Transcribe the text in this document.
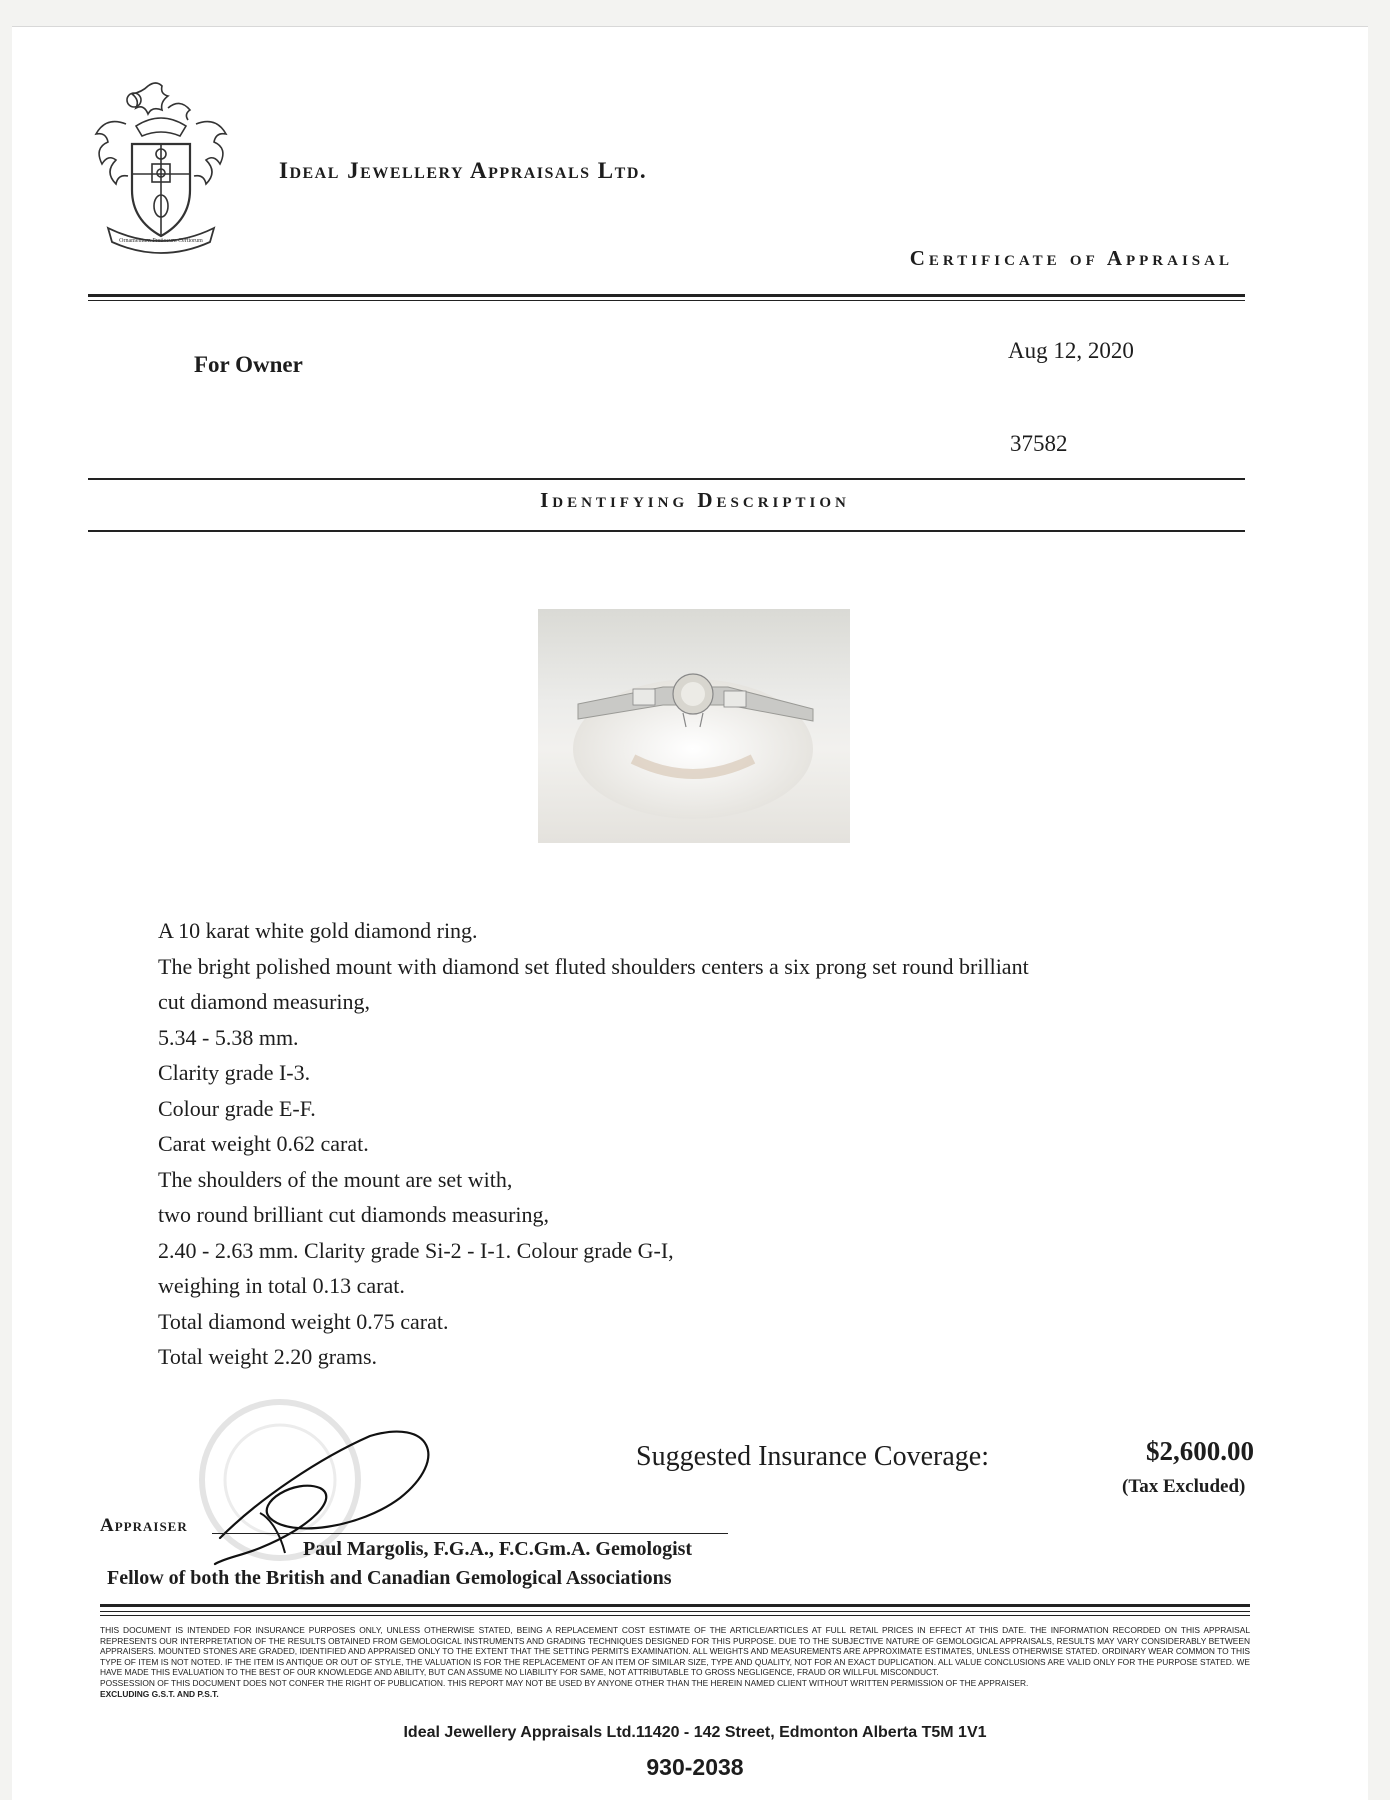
Ornamentum Pretiosum Certiorum
Ideal Jewellery Appraisals Ltd.
Certificate of Appraisal
For Owner
Aug 12, 2020
37582
Identifying Description
A 10 karat white gold diamond ring.
The bright polished mount with diamond set fluted shoulders centers a six prong set round brilliant
cut diamond measuring,
5.34 - 5.38 mm.
Clarity grade I-3.
Colour grade E-F.
Carat weight 0.62 carat.
The shoulders of the mount are set with,
two round brilliant cut diamonds measuring,
2.40 - 2.63 mm. Clarity grade Si-2 - I-1. Colour grade G-I,
weighing in total 0.13 carat.
Total diamond weight 0.75 carat.
Total weight 2.20 grams.
Suggested Insurance Coverage:	$2,600.00
(Tax Excluded)
Appraiser
Paul Margolis, F.G.A., F.C.Gm.A. Gemologist
Fellow of both the British and Canadian Gemological Associations
THIS DOCUMENT IS INTENDED FOR INSURANCE PURPOSES ONLY, UNLESS OTHERWISE STATED, BEING A REPLACEMENT COST ESTIMATE OF THE ARTICLE/ARTICLES AT FULL RETAIL PRICES IN EFFECT AT THIS DATE. THE INFORMATION RECORDED ON THIS APPRAISAL REPRESENTS OUR INTERPRETATION OF THE RESULTS OBTAINED FROM GEMOLOGICAL INSTRUMENTS AND GRADING TECHNIQUES DESIGNED FOR THIS PURPOSE. DUE TO THE SUBJECTIVE NATURE OF GEMOLOGICAL APPRAISALS, RESULTS MAY VARY CONSIDERABLY BETWEEN APPRAISERS. MOUNTED STONES ARE GRADED, IDENTIFIED AND APPRAISED ONLY TO THE EXTENT THAT THE SETTING PERMITS EXAMINATION. ALL WEIGHTS AND MEASUREMENTS ARE APPROXIMATE ESTIMATES, UNLESS OTHERWISE STATED. ORDINARY WEAR COMMON TO THIS TYPE OF ITEM IS NOT NOTED. IF THE ITEM IS ANTIQUE OR OUT OF STYLE, THE VALUATION IS FOR THE REPLACEMENT OF AN ITEM OF SIMILAR SIZE, TYPE AND QUALITY, NOT FOR AN EXACT DUPLICATION. ALL VALUE CONCLUSIONS ARE VALID ONLY FOR THE PURPOSE STATED. WE HAVE MADE THIS EVALUATION TO THE BEST OF OUR KNOWLEDGE AND ABILITY, BUT CAN ASSUME NO LIABILITY FOR SAME, NOT ATTRIBUTABLE TO GROSS NEGLIGENCE, FRAUD OR WILLFUL MISCONDUCT.
POSSESSION OF THIS DOCUMENT DOES NOT CONFER THE RIGHT OF PUBLICATION. THIS REPORT MAY NOT BE USED BY ANYONE OTHER THAN THE HEREIN NAMED CLIENT WITHOUT WRITTEN PERMISSION OF THE APPRAISER.
EXCLUDING G.S.T. AND P.S.T.
Ideal Jewellery Appraisals Ltd.11420 - 142 Street, Edmonton Alberta T5M 1V1
930-2038
